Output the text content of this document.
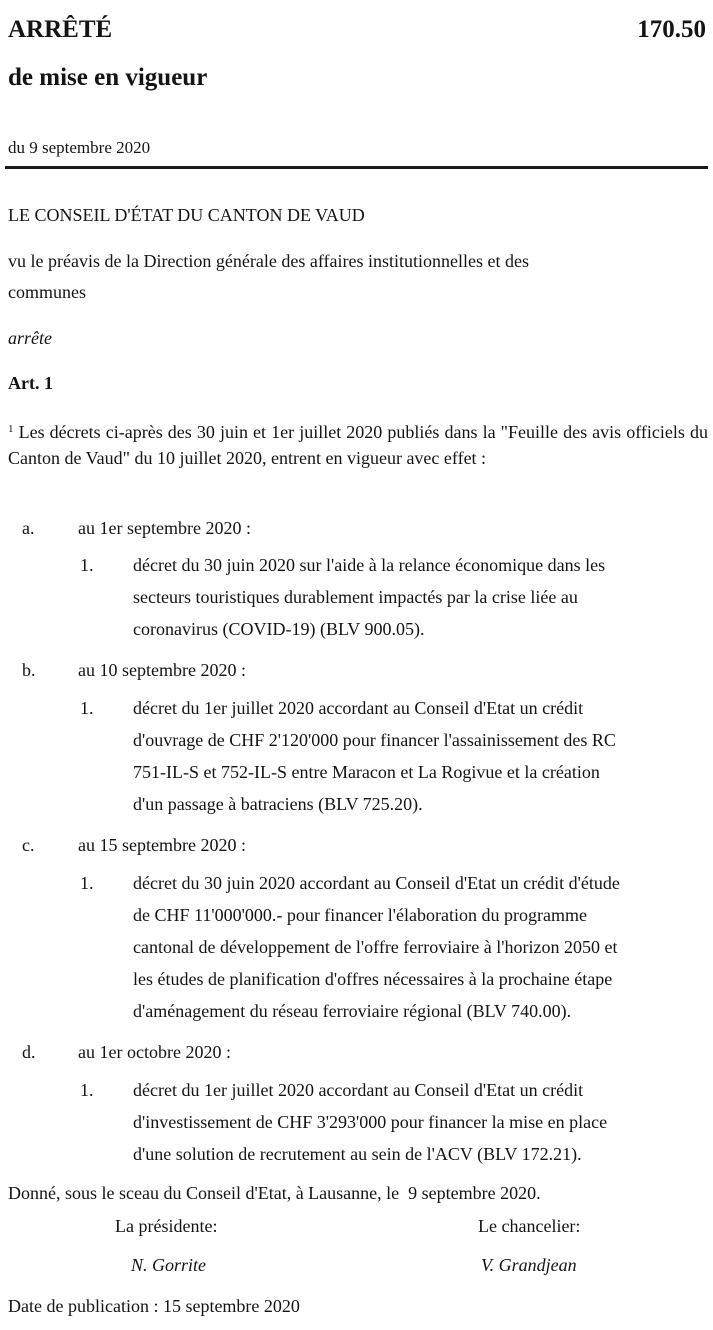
ARRÊTÉ	170.50
de mise en vigueur
du 9 septembre 2020
LE CONSEIL D'ÉTAT DU CANTON DE VAUD
vu le préavis de la Direction générale des affaires institutionnelles et des
communes
arrête
Art. 1
$^1$ Les décrets ci-après des 30 juin et 1er juillet 2020 publiés dans la "Feuille des avis officiels du Canton de Vaud" du 10 juillet 2020, entrent en vigueur avec effet :
a. au 1er septembre 2020 :
1. décret du 30 juin 2020 sur l'aide à la relance économique dans les
secteurs touristiques durablement impactés par la crise liée au
coronavirus (COVID-19) (BLV 900.05).
b. au 10 septembre 2020 :
1. décret du 1er juillet 2020 accordant au Conseil d'Etat un crédit
d'ouvrage de CHF 2'120'000 pour financer l'assainissement des RC
751-IL-S et 752-IL-S entre Maracon et La Rogivue et la création
d'un passage à batraciens (BLV 725.20).
c. au 15 septembre 2020 :
1. décret du 30 juin 2020 accordant au Conseil d'Etat un crédit d'étude
de CHF 11'000'000.- pour financer l'élaboration du programme
cantonal de développement de l'offre ferroviaire à l'horizon 2050 et
les études de planification d'offres nécessaires à la prochaine étape
d'aménagement du réseau ferroviaire régional (BLV 740.00).
d. au 1er octobre 2020 :
1. décret du 1er juillet 2020 accordant au Conseil d'Etat un crédit
d'investissement de CHF 3'293'000 pour financer la mise en place
d'une solution de recrutement au sein de l'ACV (BLV 172.21).
Donné, sous le sceau du Conseil d'Etat, à Lausanne, le  9 septembre 2020.
La présidente:	Le chancelier:
N. Gorrite	V. Grandjean
Date de publication : 15 septembre 2020
